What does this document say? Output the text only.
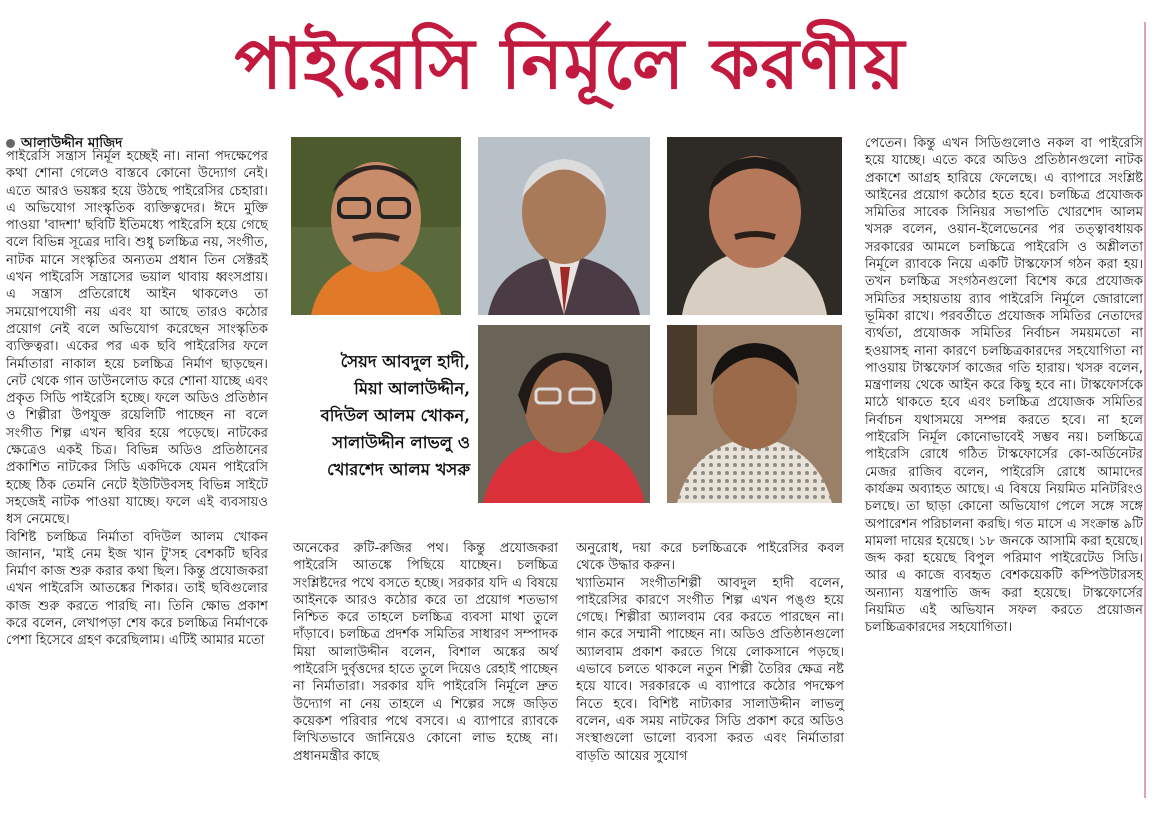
পাইরেসি নির্মূলে করণীয়
আলাউদ্দীন মাজিদ

পাইরেসি সন্ত্রাস নির্মূল হচ্ছেই না। নানা পদক্ষেপের কথা শোনা গেলেও বাস্তবে কোনো উদ্যোগ নেই। এতে আরও ভয়ঙ্কর হয়ে উঠছে পাইরেসির চেহারা। এ অভিযোগ সাংস্কৃতিক ব্যক্তিত্বদের। ঈদে মুক্তি পাওয়া 'বাদশা' ছবিটি ইতিমধ্যে পাইরেসি হয়ে গেছে বলে বিভিন্ন সূত্রের দাবি। শুধু চলচ্চিত্র নয়, সংগীত, নাটক মানে সংস্কৃতির অন্যতম প্রধান তিন সেক্টরই এখন পাইরেসি সন্ত্রাসের ভয়াল থাবায় ধ্বংসপ্রায়। এ সন্ত্রাস প্রতিরোধে আইন থাকলেও তা সময়োপযোগী নয় এবং যা আছে তারও কঠোর প্রয়োগ নেই বলে অভিযোগ করেছেন সাংস্কৃতিক ব্যক্তিত্বরা। একের পর এক ছবি পাইরেসির ফলে নির্মাতারা নাকাল হয়ে চলচ্চিত্র নির্মাণ ছাড়ছেন। নেট থেকে গান ডাউনলোড করে শোনা যাচ্ছে এবং প্রকৃত সিডি পাইরেসি হচ্ছে। ফলে অডিও প্রতিষ্ঠান ও শিল্পীরা উপযুক্ত রয়েলিটি পাচ্ছেন না বলে সংগীত শিল্প এখন স্থবির হয়ে পড়েছে। নাটকের ক্ষেত্রেও একই চিত্র। বিভিন্ন অডিও প্রতিষ্ঠানের প্রকাশিত নাটকের সিডি একদিকে যেমন পাইরেসি হচ্ছে ঠিক তেমনি নেটে ইউটিউবসহ বিভিন্ন সাইটে সহজেই নাটক পাওয়া যাচ্ছে। ফলে এই ব্যবসায়ও ধস নেমেছে।

বিশিষ্ট চলচ্চিত্র নির্মাতা বদিউল আলম খোকন জানান, 'মাই নেম ইজ খান টু'সহ বেশকটি ছবির নির্মাণ কাজ শুরু করার কথা ছিল। কিন্তু প্রযোজকরা এখন পাইরেসি আতঙ্কের শিকার। তাই ছবিগুলোর কাজ শুরু করতে পারছি না। তিনি ক্ষোভ প্রকাশ করে বলেন, লেখাপড়া শেষ করে চলচ্চিত্র নির্মাণকে পেশা হিসেবে গ্রহণ করেছিলাম। এটিই আমার মতো

সৈয়দ আবদুল হাদী,
মিয়া আলাউদ্দীন,
বদিউল আলম খোকন,
সালাউদ্দীন লাভলু ও
খোরশেদ আলম খসরু

অনেকের রুটি-রুজির পথ। কিন্তু প্রযোজকরা পাইরেসি আতঙ্কে পিছিয়ে যাচ্ছেন। চলচ্চিত্র সংশ্লিষ্টদের পথে বসতে হচ্ছে। সরকার যদি এ বিষয়ে আইনকে আরও কঠোর করে তা প্রয়োগ শতভাগ নিশ্চিত করে তাহলে চলচ্চিত্র ব্যবসা মাথা তুলে দাঁড়াবে। চলচ্চিত্র প্রদর্শক সমিতির সাধারণ সম্পাদক মিয়া আলাউদ্দীন বলেন, বিশাল অঙ্কের অর্থ পাইরেসি দুর্বৃত্তদের হাতে তুলে দিয়েও রেহাই পাচ্ছেন না নির্মাতারা। সরকার যদি পাইরেসি নির্মূলে দ্রুত উদ্যোগ না নেয় তাহলে এ শিল্পের সঙ্গে জড়িত কয়েকশ পরিবার পথে বসবে। এ ব্যাপারে র‍্যাবকে লিখিতভাবে জানিয়েও কোনো লাভ হচ্ছে না। প্রধানমন্ত্রীর কাছে

অনুরোধ, দয়া করে চলচ্চিত্রকে পাইরেসির কবল থেকে উদ্ধার করুন।

খ্যাতিমান সংগীতশিল্পী আবদুল হাদী বলেন, পাইরেসির কারণে সংগীত শিল্প এখন পঙ্গু হয়ে গেছে। শিল্পীরা অ্যালবাম বের করতে পারছেন না। গান করে সম্মানী পাচ্ছেন না। অডিও প্রতিষ্ঠানগুলো অ্যালবাম প্রকাশ করতে গিয়ে লোকসানে পড়ছে। এভাবে চলতে থাকলে নতুন শিল্পী তৈরির ক্ষেত্র নষ্ট হয়ে যাবে। সরকারকে এ ব্যাপারে কঠোর পদক্ষেপ নিতে হবে। বিশিষ্ট নাট্যকার সালাউদ্দীন লাভলু বলেন, এক সময় নাটকের সিডি প্রকাশ করে অডিও সংস্থাগুলো ভালো ব্যবসা করত এবং নির্মাতারা বাড়তি আয়ের সুযোগ

পেতেন। কিন্তু এখন সিডিগুলোও নকল বা পাইরেসি হয়ে যাচ্ছে। এতে করে অডিও প্রতিষ্ঠানগুলো নাটক প্রকাশে আগ্রহ হারিয়ে ফেলেছে। এ ব্যাপারে সংশ্লিষ্ট আইনের প্রয়োগ কঠোর হতে হবে। চলচ্চিত্র প্রযোজক সমিতির সাবেক সিনিয়র সভাপতি খোরশেদ আলম খসরু বলেন, ওয়ান-ইলেভেনের পর তত্ত্বাবধায়ক সরকারের আমলে চলচ্চিত্রে পাইরেসি ও অশ্লীলতা নির্মূলে র‍্যাবকে নিয়ে একটি টাস্কফোর্স গঠন করা হয়। তখন চলচ্চিত্র সংগঠনগুলো বিশেষ করে প্রযোজক সমিতির সহায়তায় র‍্যাব পাইরেসি নির্মূলে জোরালো ভূমিকা রাখে। পরবর্তীতে প্রযোজক সমিতির নেতাদের ব্যর্থতা, প্রযোজক সমিতির নির্বাচন সময়মতো না হওয়াসহ নানা কারণে চলচ্চিত্রকারদের সহযোগিতা না পাওয়ায় টাস্কফোর্স কাজের গতি হারায়। খসরু বলেন, মন্ত্রণালয় থেকে আইন করে কিছু হবে না। টাস্কফোর্সকে মাঠে থাকতে হবে এবং চলচ্চিত্র প্রযোজক সমিতির নির্বাচন যথাসময়ে সম্পন্ন করতে হবে। না হলে পাইরেসি নির্মূল কোনোভাবেই সম্ভব নয়। চলচ্চিত্রে পাইরেসি রোধে গঠিত টাস্কফোর্সের কো-অর্ডিনেটর মেজর রাজিব বলেন, পাইরেসি রোধে আমাদের কার্যক্রম অব্যাহত আছে। এ বিষয়ে নিয়মিত মনিটরিংও চলছে। তা ছাড়া কোনো অভিযোগ পেলে সঙ্গে সঙ্গে অপারেশন পরিচালনা করছি। গত মাসে এ সংক্রান্ত ৯টি মামলা দায়ের হয়েছে। ১৮ জনকে আসামি করা হয়েছে। জব্দ করা হয়েছে বিপুল পরিমাণ পাইরেটেড সিডি। আর এ কাজে ব্যবহৃত বেশকয়েকটি কম্পিউটারসহ অন্যান্য যন্ত্রপাতি জব্দ করা হয়েছে। টাস্কফোর্সের নিয়মিত এই অভিযান সফল করতে প্রয়োজন চলচ্চিত্রকারদের সহযোগিতা।
